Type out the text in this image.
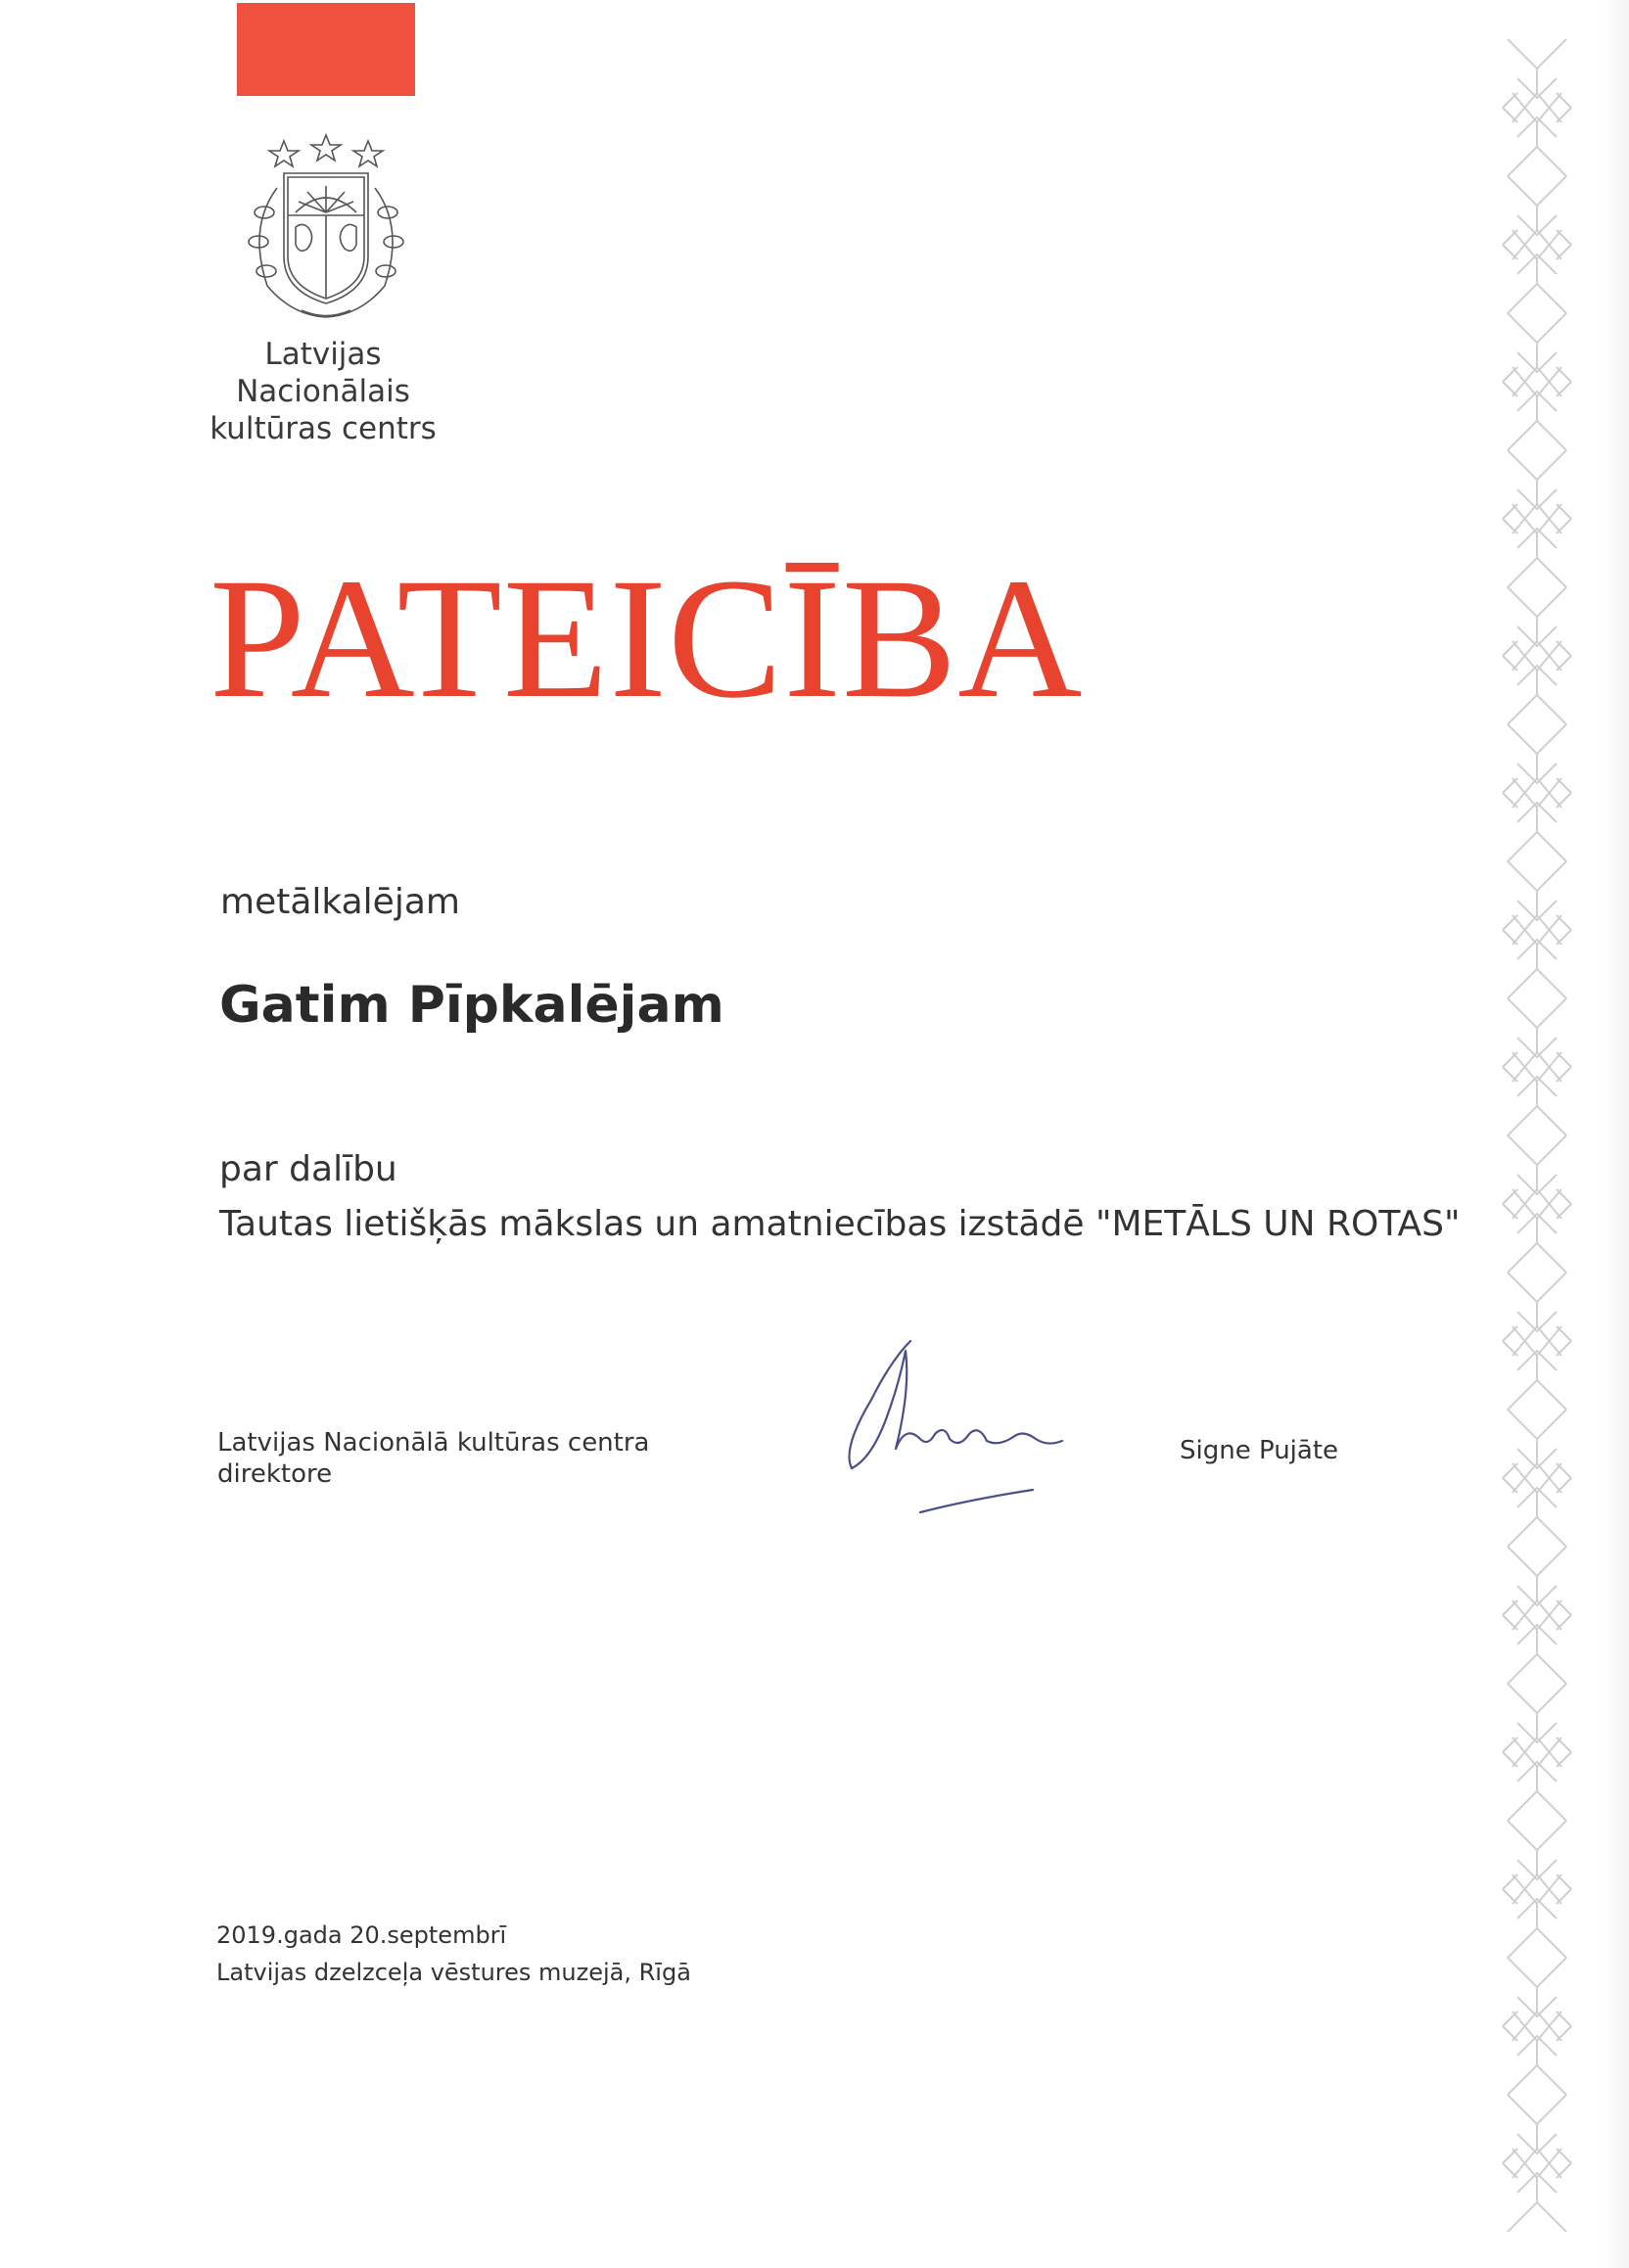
Latvijas Nacionālais
kultūras centrs
PATEICĪBA
metālkalējam
Gatim Pīpkalējam
par dalību
Tautas lietišķās mākslas un amatniecības izstādē "METĀLS UN ROTAS"
Latvijas Nacionālā kultūras centra
direktore
Signe Pujāte
2019.gada 20.septembrī
Latvijas dzelzceļa vēstures muzejā, Rīgā
